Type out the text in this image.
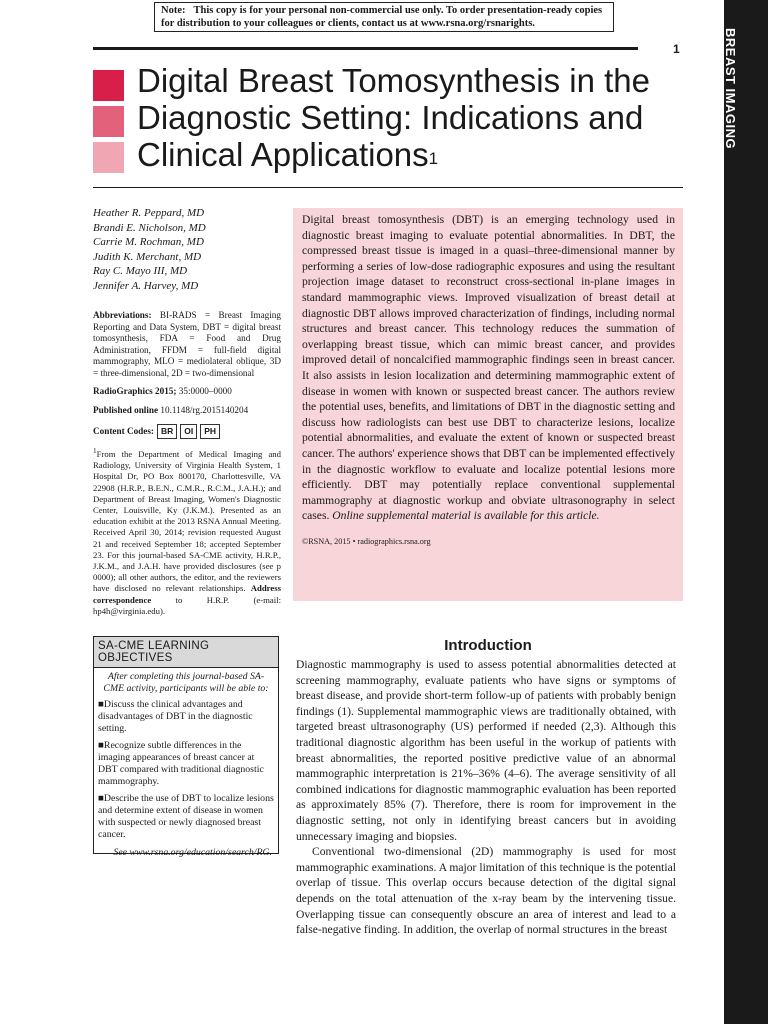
Note: This copy is for your personal non-commercial use only. To order presentation-ready copies for distribution to your colleagues or clients, contact us at www.rsna.org/rsnarights.
1	BREAST IMAGING
Digital Breast Tomosynthesis in the Diagnostic Setting: Indications and Clinical Applications$^1$
Heather R. Peppard, MD
Brandi E. Nicholson, MD
Carrie M. Rochman, MD
Judith K. Merchant, MD
Ray C. Mayo III, MD
Jennifer A. Harvey, MD
Abbreviations: BI-RADS = Breast Imaging Reporting and Data System, DBT = digital breast tomosynthesis, FDA = Food and Drug Administration, FFDM = full-field digital mammography, MLO = mediolateral oblique, 3D = three-dimensional, 2D = two-dimensional
RadioGraphics 2015; 35:0000–0000
Published online 10.1148/rg.2015140204
Content Codes: BR	OI	PH
$^1$From the Department of Medical Imaging and Radiology, University of Virginia Health System, 1 Hospital Dr, PO Box 800170, Charlottesville, VA 22908 (H.R.P., B.E.N., C.M.R., R.C.M., J.A.H.); and Department of Breast Imaging, Women's Diagnostic Center, Louisville, Ky (J.K.M.). Presented as an education exhibit at the 2013 RSNA Annual Meeting. Received April 30, 2014; revision requested August 21 and received September 18; accepted September 23. For this journal-based SA-CME activity, H.R.P., J.K.M., and J.A.H. have provided disclosures (see p 0000); all other authors, the editor, and the reviewers have disclosed no relevant relationships. Address correspondence	to H.R.P. (e-mail: hp4h@virginia.edu).
SA-CME LEARNING OBJECTIVES
After completing this journal-based SA-CME activity, participants will be able to:
■Discuss the clinical advantages and disadvantages of DBT in the diagnostic setting.
■Recognize subtle differences in the imaging appearances of breast cancer at DBT compared with traditional diagnostic mammography.
■Describe the use of DBT to localize lesions and determine extent of disease in women with suspected or newly diagnosed breast cancer.
See www.rsna.org/education/search/RG.

Digital breast tomosynthesis (DBT) is an emerging technology used in diagnostic breast imaging to evaluate potential abnormalities. In DBT, the compressed breast tissue is imaged in a quasi–three-dimensional manner by performing a series of low-dose radiographic exposures and using the resultant projection image dataset to reconstruct cross-sectional in-plane images in standard mammographic views. Improved visualization of breast detail at diagnostic DBT allows improved characterization of findings, including normal structures and breast cancer. This technology reduces the summation of overlapping breast tissue, which can mimic breast cancer, and provides improved detail of noncalcified mammographic findings seen in breast cancer. It also assists in lesion localization and determining mammographic extent of disease in women with known or suspected breast cancer. The authors review the potential uses, benefits, and limitations of DBT in the diagnostic setting and discuss how radiologists can best use DBT to characterize lesions, localize potential abnormalities, and evaluate the extent of known or suspected breast cancer. The authors' experience shows that DBT can be implemented effectively in the diagnostic workflow to evaluate and localize potential lesions more efficiently. DBT may potentially replace conventional supplemental mammography at diagnostic workup and obviate ultrasonography in select cases. Online supplemental material is available for this article.

©RSNA, 2015 • radiographics.rsna.org

Introduction

Diagnostic mammography is used to assess potential abnormalities detected at screening mammography, evaluate patients who have signs or symptoms of breast disease, and provide short-term follow-up of patients with probably benign findings (1). Supplemental mammographic views are traditionally obtained, with targeted breast ultrasonography (US) performed if needed (2,3). Although this traditional diagnostic algorithm has been useful in the workup of patients with breast abnormalities, the reported positive predictive value of an abnormal mammographic interpretation is 21%–36% (4–6). The average sensitivity of all combined indications for diagnostic mammographic evaluation has been reported as approximately 85% (7). Therefore, there is room for improvement in the diagnostic setting, not only in identifying breast cancers but in avoiding unnecessary imaging and biopsies.

Conventional two-dimensional (2D) mammography is used for most mammographic examinations. A major limitation of this technique is the potential overlap of tissue. This overlap occurs because detection of the digital signal depends on the total attenuation of the x-ray beam by the intervening tissue. Overlapping tissue can consequently obscure an area of interest and lead to a false-negative finding. In addition, the overlap of normal structures in the breast
